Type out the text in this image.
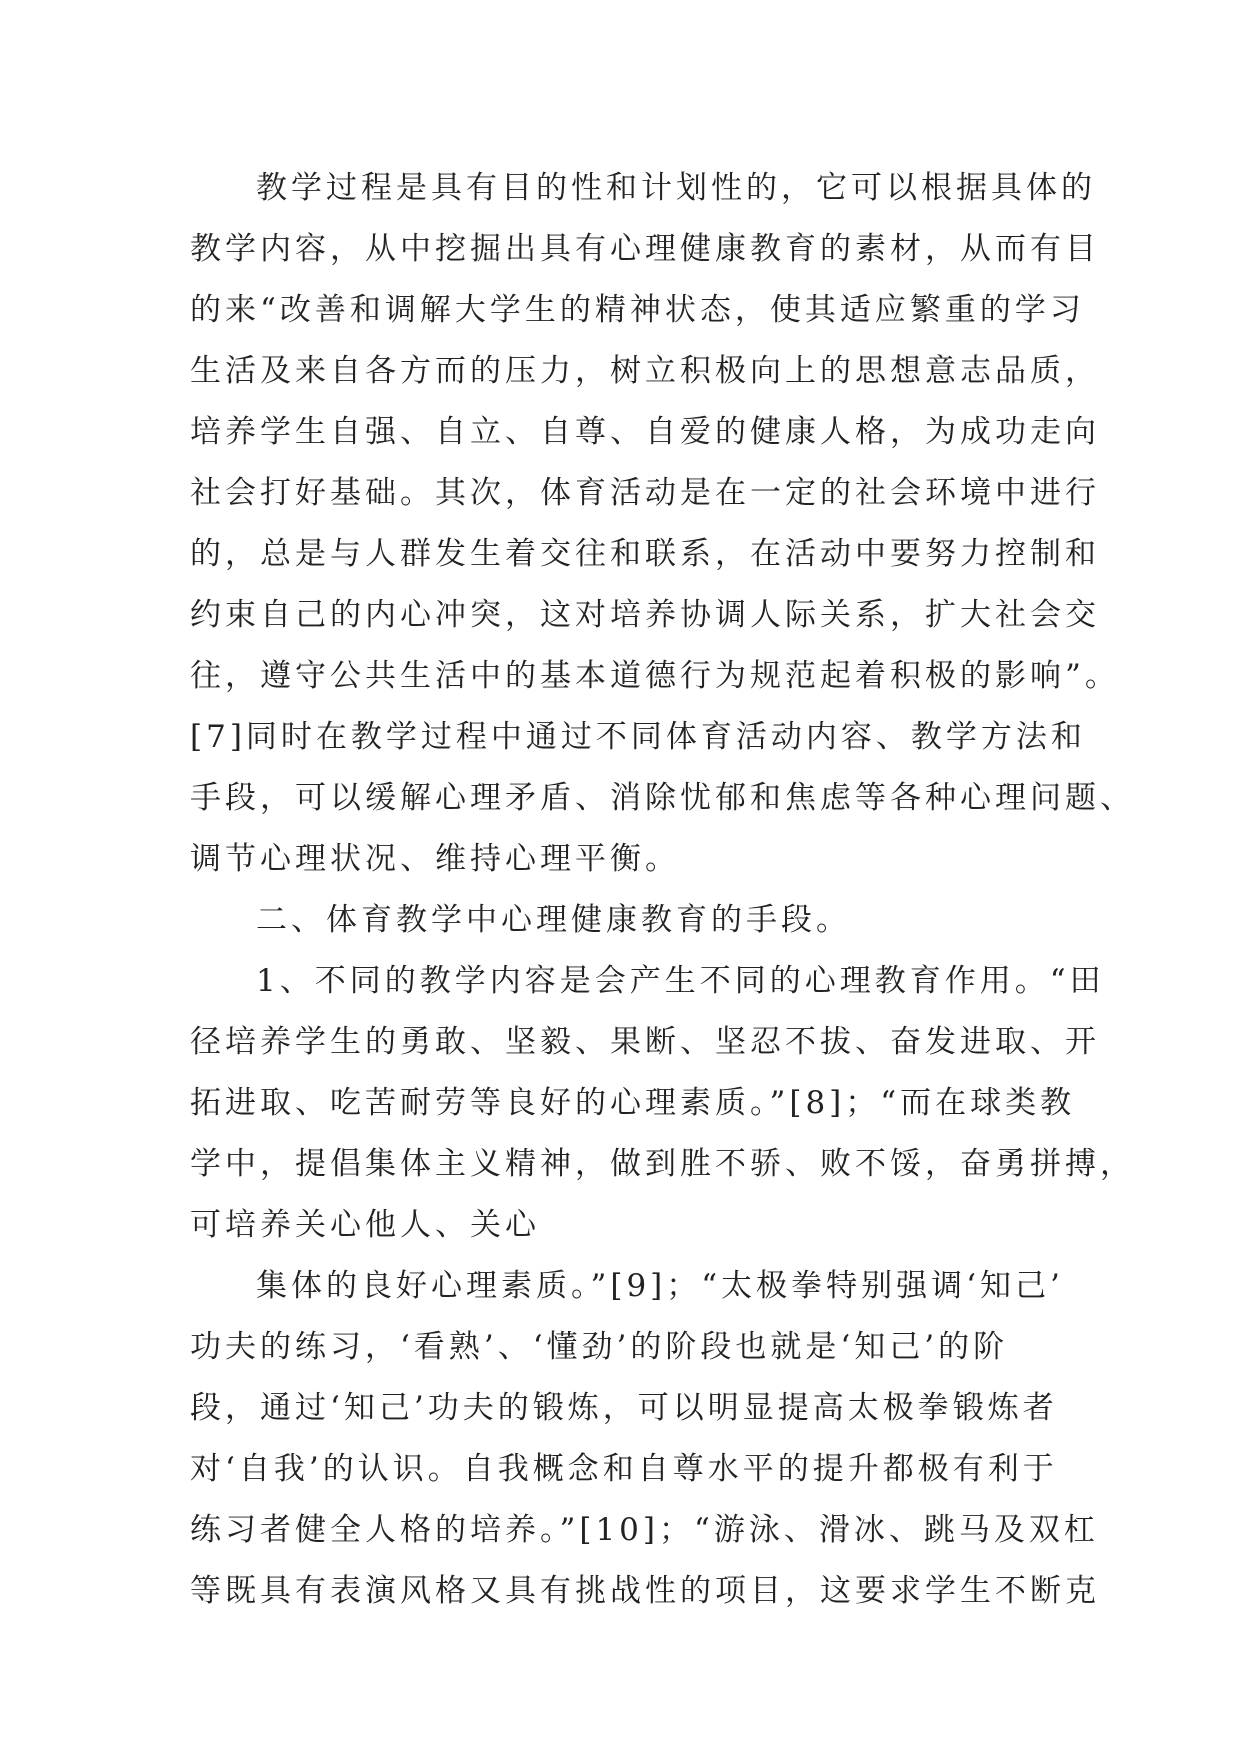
教学过程是具有目的性和计划性的，它可以根据具体的
教学内容，从中挖掘出具有心理健康教育的素材，从而有目
的来“改善和调解大学生的精神状态，使其适应繁重的学习
生活及来自各方而的压力，树立积极向上的思想意志品质，
培养学生自强、自立、自尊、自爱的健康人格，为成功走向
社会打好基础。其次，体育活动是在一定的社会环境中进行
的，总是与人群发生着交往和联系，在活动中要努力控制和
约束自己的内心冲突，这对培养协调人际关系，扩大社会交
往，遵守公共生活中的基本道德行为规范起着积极的影响”。
[7]同时在教学过程中通过不同体育活动内容、教学方法和
手段，可以缓解心理矛盾、消除忧郁和焦虑等各种心理问题、
调节心理状况、维持心理平衡。
二、体育教学中心理健康教育的手段。
1、不同的教学内容是会产生不同的心理教育作用。“田
径培养学生的勇敢、坚毅、果断、坚忍不拔、奋发进取、开
拓进取、吃苦耐劳等良好的心理素质。”[8]；“而在球类教
学中，提倡集体主义精神，做到胜不骄、败不馁，奋勇拼搏，
可培养关心他人、关心
集体的良好心理素质。”[9]；“太极拳特别强调‘知己’
功夫的练习，‘看熟’、‘懂劲’的阶段也就是‘知己’的阶
段，通过‘知己’功夫的锻炼，可以明显提高太极拳锻炼者
对‘自我’的认识。自我概念和自尊水平的提升都极有利于
练习者健全人格的培养。”[10]；“游泳、滑冰、跳马及双杠
等既具有表演风格又具有挑战性的项目，这要求学生不断克
